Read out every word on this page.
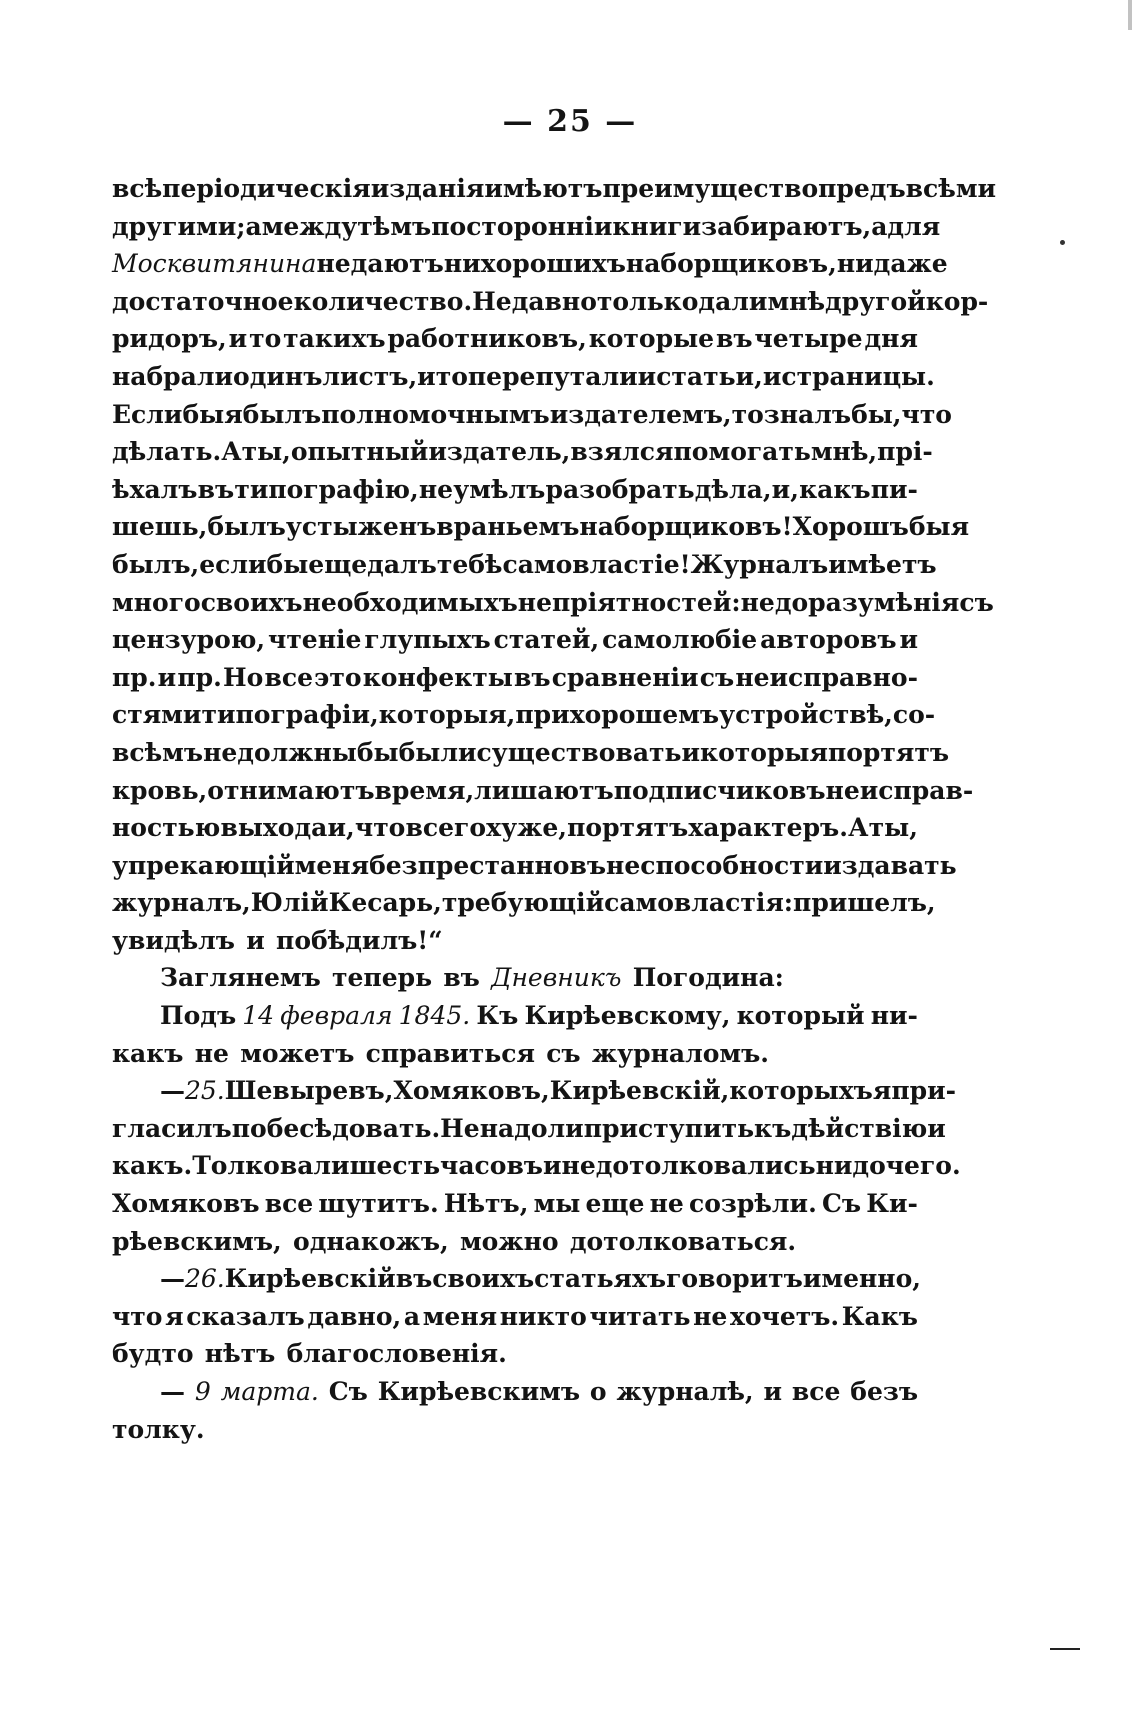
— 25 —
всѣ періодическія изданія имѣютъ преимущество предъ всѣми
другими; а между тѣмъ посторонніи книги забираютъ, а для
Москвитянина не даютъ ни хорошихъ наборщиковъ, ни даже
достаточное количество. Недавно только дали мнѣ другой кор-
ридоръ, и то такихъ работниковъ, которые въ четыре дня
набрали одинъ листъ, и то перепутали и статьи, и страницы.
Еслибы я былъ полномочнымъ издателемъ, то зналъ бы, что
дѣлать. А ты, опытный издатель, взялся помогать мнѣ, прі-
ѣхалъ въ типографію, не умѣлъ разобрать дѣла, и, какъ пи-
шешь, былъ устыженъ враньемъ наборщиковъ! Хорошъ бы я
былъ, еслибы еще далъ тебѣ самовластіе! Журналъ имѣетъ
много своихъ необходимыхъ непріятностей: недоразумѣнія съ
цензурою, чтеніе глупыхъ статей, самолюбіе авторовъ и
пр. и пр. Но все это конфекты въ сравненіи съ неисправно-
стями типографіи, которыя, при хорошемъ устройствѣ, со-
всѣмъ не должны бы были существовать и которыя портятъ
кровь, отнимаютъ время, лишаютъ подписчиковъ неисправ-
ностью выхода и, что всего хуже, портятъ характеръ. А ты,
упрекающій меня безпрестанно въ неспособности издавать
журналъ, Юлій Кесарь, требующій самовластія: пришелъ,
увидѣлъ и побѣдилъ!“
Заглянемъ теперь въ Дневникъ Погодина:
Подъ 14 февраля 1845. Къ Кирѣевскому, который ни-
какъ не можетъ справиться съ журналомъ.
— 25. Шевыревъ, Хомяковъ, Кирѣевскій, которыхъ я при-
гласилъ побесѣдовать. Не надо ли приступить къ дѣйствію и
какъ. Толковали шесть часовъ и не дотолковались ни до чего.
Хомяковъ все шутитъ. Нѣтъ, мы еще не созрѣли. Съ Ки-
рѣевскимъ, однакожъ, можно дотолковаться.
— 26. Кирѣевскій въ своихъ статьяхъ говоритъ именно,
что я сказалъ давно, а меня никто читать не хочетъ. Какъ
будто нѣтъ благословенія.
— 9 марта. Съ Кирѣевскимъ о журналѣ, и все безъ
толку.
